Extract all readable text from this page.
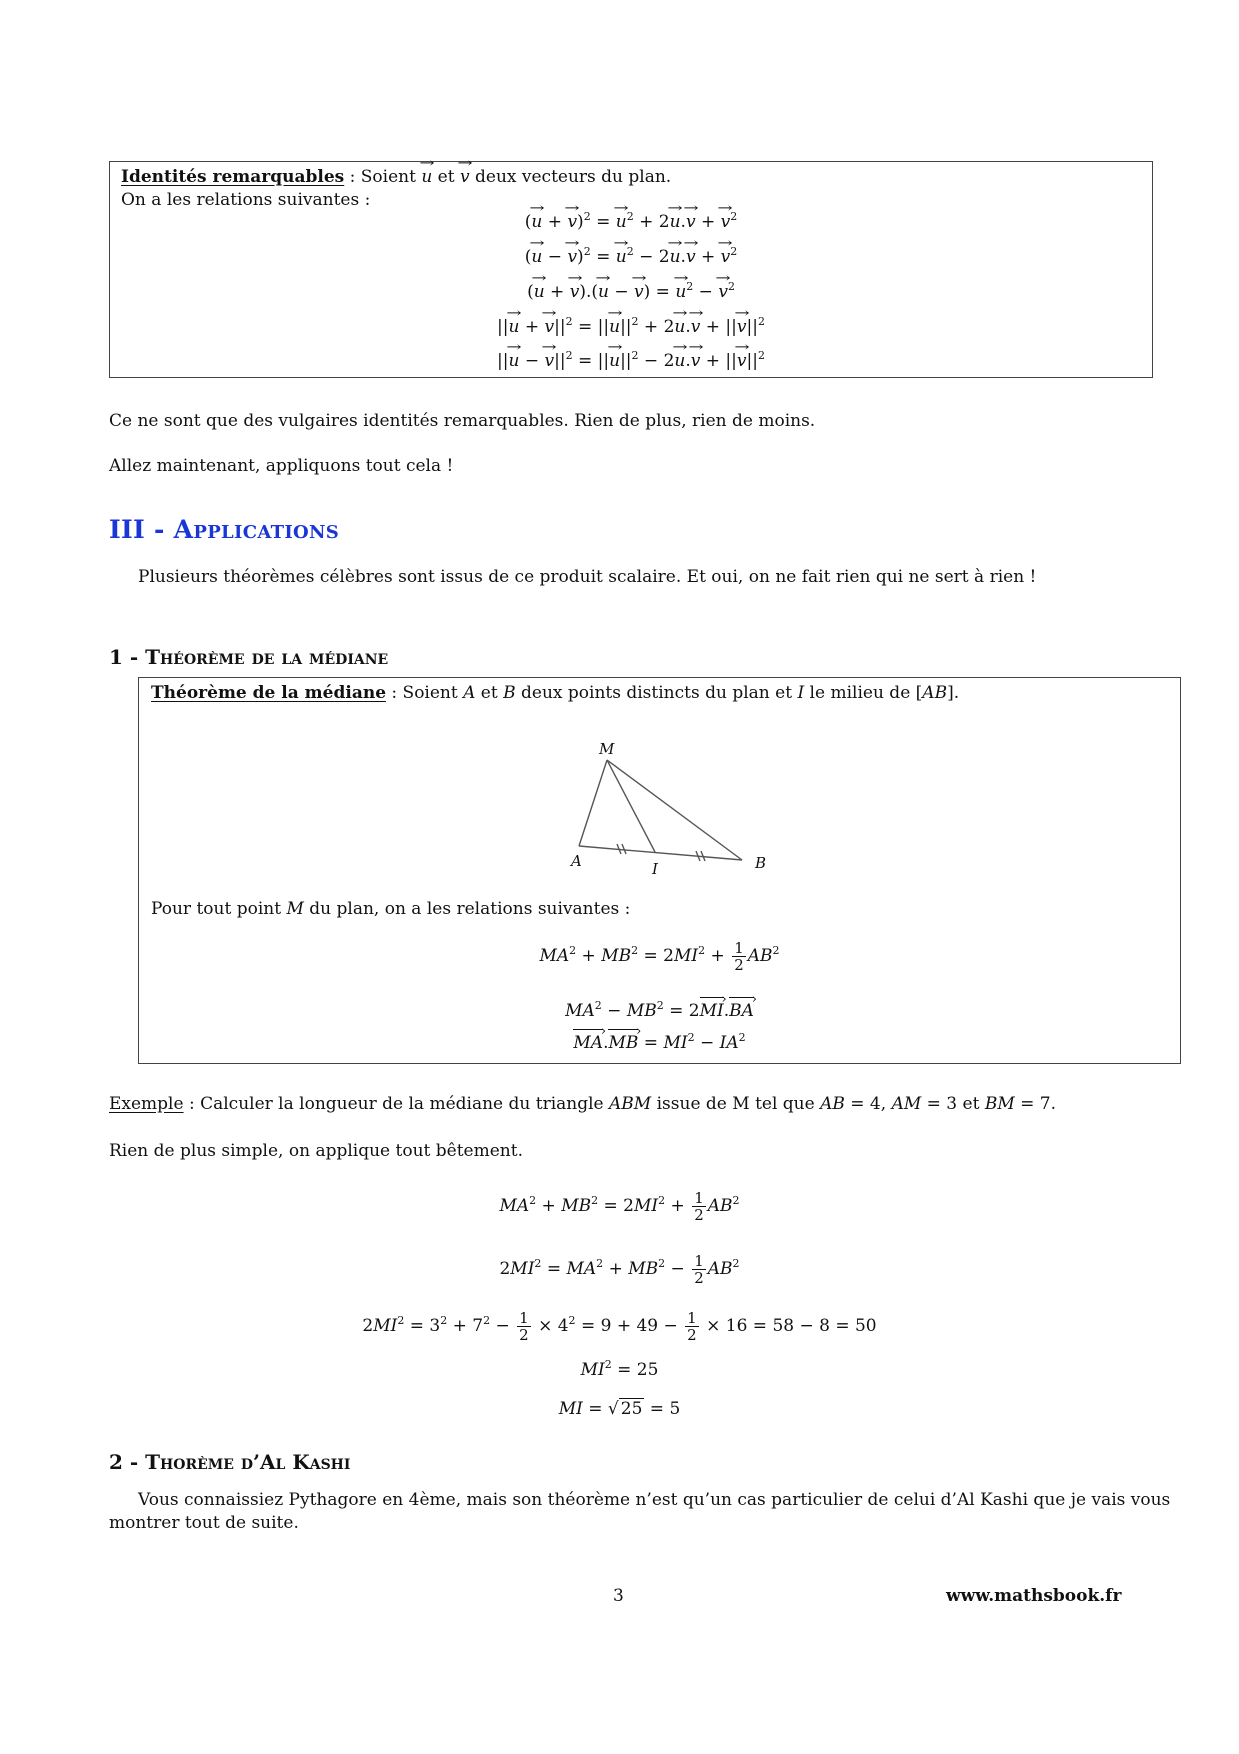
Identités remarquables : Soient → u et → v deux vecteurs du plan.
On a les relations suivantes :
(→ u + → v)$^2$ = → $u^2 + 2\to u.\to v$ + → $v^2$
(→ u − → v)$^2$ = → $u^2 - 2\to u.\to v$ + → $v^2$
(→ u + → v).(→ u − → v) = → $u^2$ − → $v^2$
||→ u + → $v||^2$ = ||→ $u||^2 + 2\to u.\to v$ + ||→ $v||^2$
||→ u − → $v||^2$ = ||→ $u||^2 - 2\to u.\to v$ + ||→ $v||^2$
Ce ne sont que des vulgaires identités remarquables. Rien de plus, rien de moins.
Allez maintenant, appliquons tout cela !
III - Applications
Plusieurs théorèmes célèbres sont issus de ce produit scalaire. Et oui, on ne fait rien qui ne sert à rien !
1 - Théorème de la médiane
Théorème de la médiane : Soient A et B deux points distincts du plan et I le milieu de [AB].
M
A	I	B
Pour tout point M du plan, on a les relations suivantes :
$MA^2 + MB^2 = 2MI^2 + \frac{1}{2} AB^2$
$MA^2 - MB^2 = 2MI$ ›.BA ›
MA ›.MB › = $MI^2 - IA^2$
Exemple : Calculer la longueur de la médiane du triangle ABM issue de M tel que AB = 4, AM = 3 et BM = 7.
Rien de plus simple, on applique tout bêtement.
$MA^2 + MB^2 = 2MI^2 + \frac{1}{2} AB^2$
$2MI^2 = MA^2 + MB^2 - \frac{1}{2} AB^2$
$2MI^2 = 3^2 + 7^2 - \frac{1}{2} \times 4^2 = 9 + 49 - \frac{1}{2} \times 16 = 58 - 8 = 50$
$MI^2 = 25$
MI = √ 25 = 5
2 - Thorème d’Al Kashi
Vous connaissiez Pythagore en 4ème, mais son théorème n’est qu’un cas particulier de celui d’Al Kashi que je vais vous
montrer tout de suite.
3	www.mathsbook.fr
